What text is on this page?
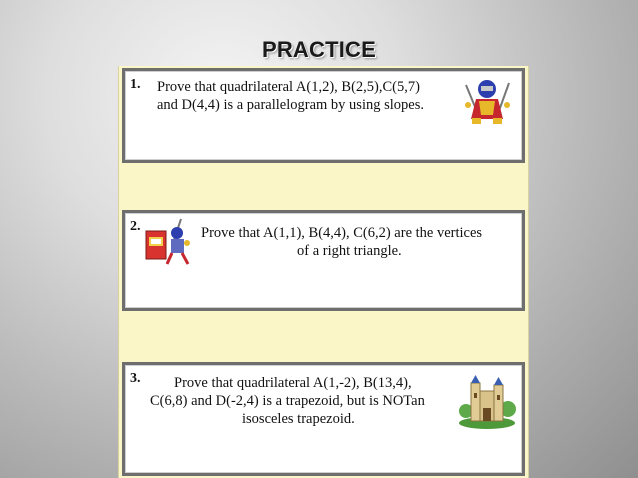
PRACTICE
1. Prove that quadrilateral A(1,2), B(2,5),C(5,7)
and D(4,4) is a parallelogram by using slopes.
2.	Prove that A(1,1), B(4,4), C(6,2) are the vertices
of a right triangle.
3. Prove that quadrilateral A(1,-2), B(13,4),
C(6,8) and D(-2,4) is a trapezoid, but is NOTan
isosceles trapezoid.
